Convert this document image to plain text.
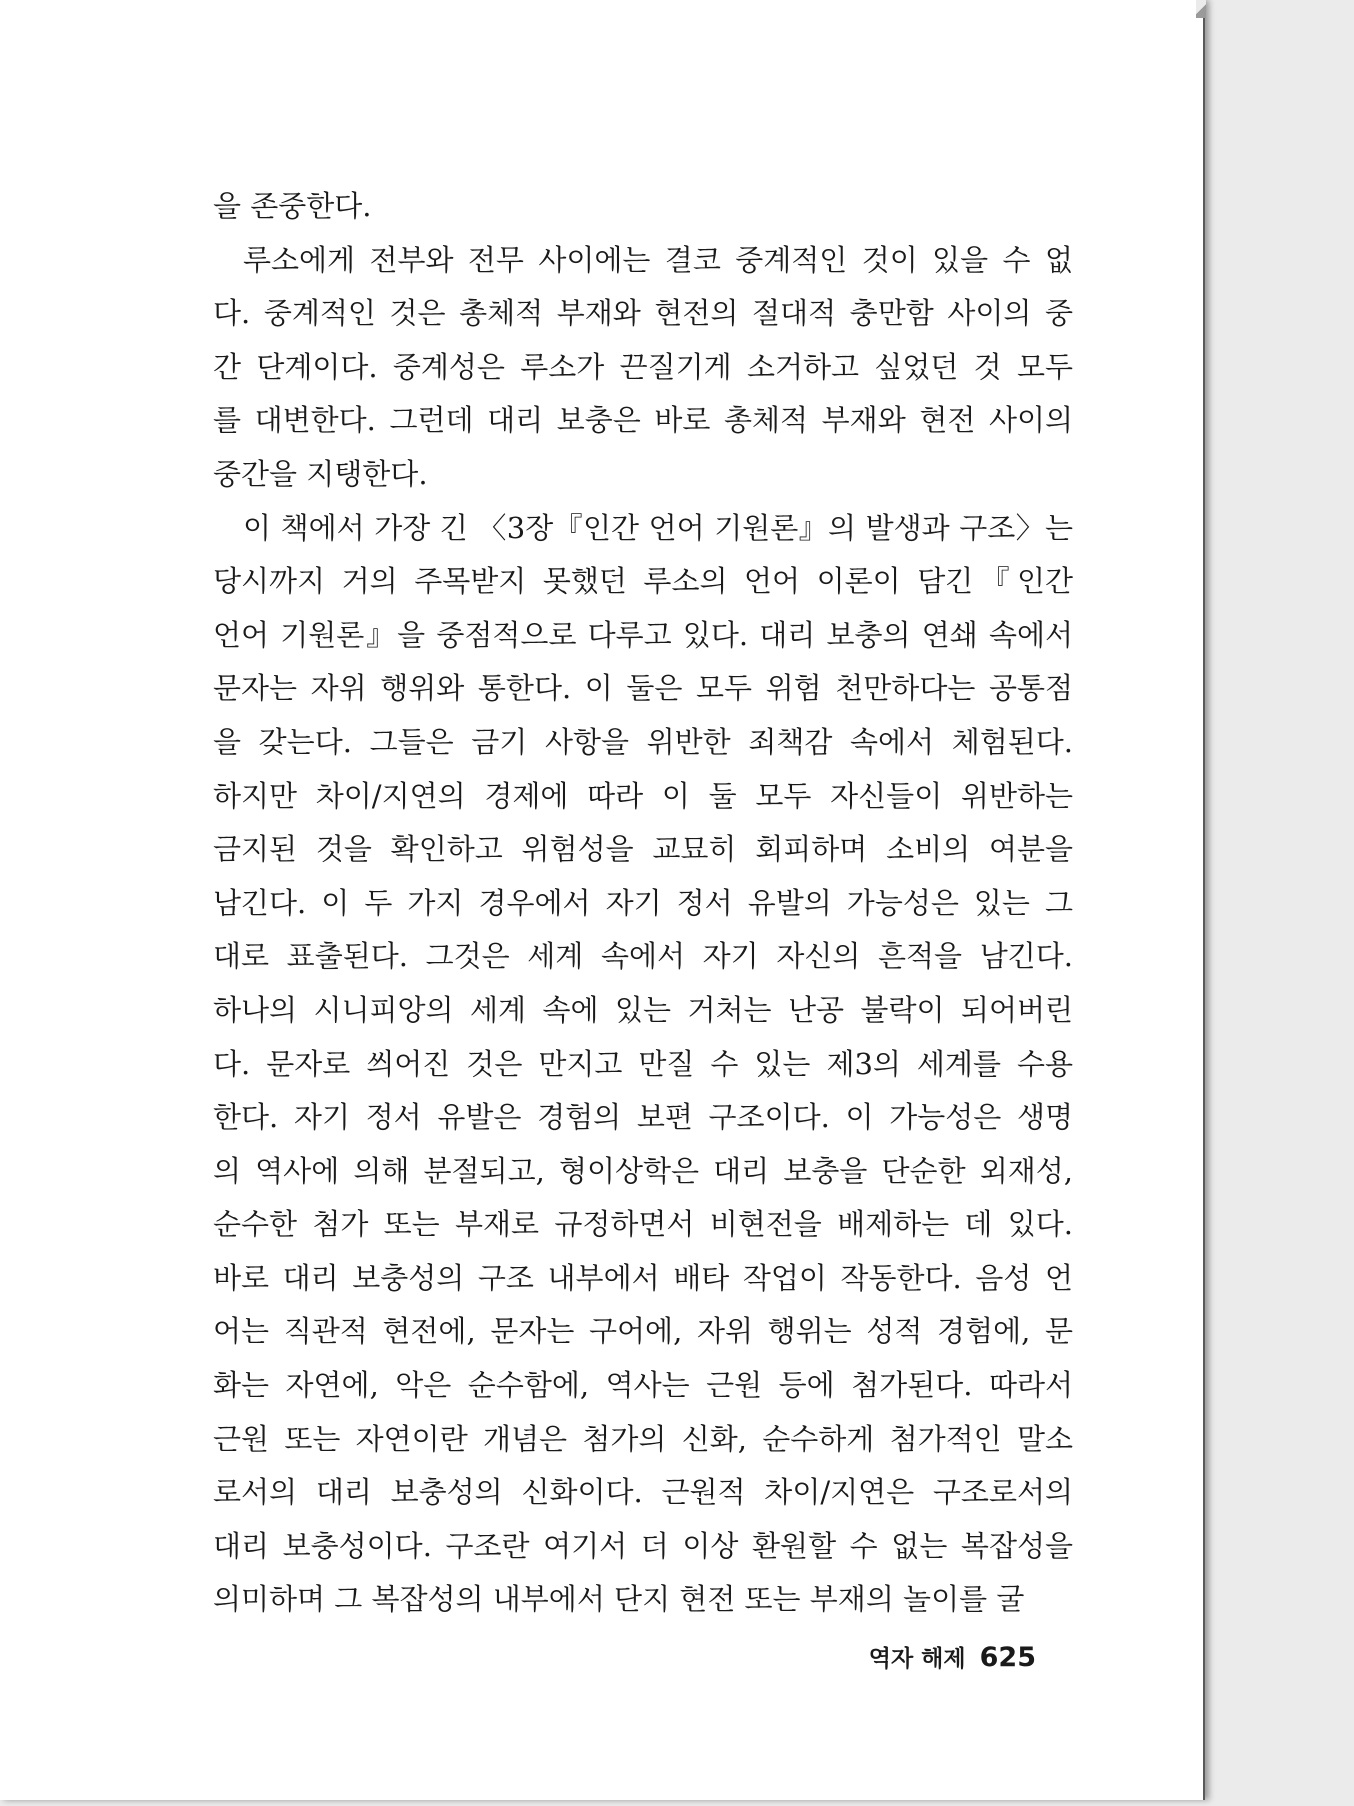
을 존중한다.
루소에게 전부와 전무 사이에는 결코 중계적인 것이 있을 수 없
다. 중계적인 것은 총체적 부재와 현전의 절대적 충만함 사이의 중
간 단계이다. 중계성은 루소가 끈질기게 소거하고 싶었던 것 모두
를 대변한다. 그런데 대리 보충은 바로 총체적 부재와 현전 사이의
중간을 지탱한다.
이 책에서 가장 긴 〈3장『인간 언어 기원론』의 발생과 구조〉는
당시까지 거의 주목받지 못했던 루소의 언어 이론이 담긴『인간
언어 기원론』을 중점적으로 다루고 있다. 대리 보충의 연쇄 속에서
문자는 자위 행위와 통한다. 이 둘은 모두 위험 천만하다는 공통점
을 갖는다. 그들은 금기 사항을 위반한 죄책감 속에서 체험된다.
하지만 차이/지연의 경제에 따라 이 둘 모두 자신들이 위반하는
금지된 것을 확인하고 위험성을 교묘히 회피하며 소비의 여분을
남긴다. 이 두 가지 경우에서 자기 정서 유발의 가능성은 있는 그
대로 표출된다. 그것은 세계 속에서 자기 자신의 흔적을 남긴다.
하나의 시니피앙의 세계 속에 있는 거처는 난공 불락이 되어버린
다. 문자로 씌어진 것은 만지고 만질 수 있는 제3의 세계를 수용
한다. 자기 정서 유발은 경험의 보편 구조이다. 이 가능성은 생명
의 역사에 의해 분절되고, 형이상학은 대리 보충을 단순한 외재성,
순수한 첨가 또는 부재로 규정하면서 비현전을 배제하는 데 있다.
바로 대리 보충성의 구조 내부에서 배타 작업이 작동한다. 음성 언
어는 직관적 현전에, 문자는 구어에, 자위 행위는 성적 경험에, 문
화는 자연에, 악은 순수함에, 역사는 근원 등에 첨가된다. 따라서
근원 또는 자연이란 개념은 첨가의 신화, 순수하게 첨가적인 말소
로서의 대리 보충성의 신화이다. 근원적 차이/지연은 구조로서의
대리 보충성이다. 구조란 여기서 더 이상 환원할 수 없는 복잡성을
의미하며 그 복잡성의 내부에서 단지 현전 또는 부재의 놀이를 굴
역자 해제 625
